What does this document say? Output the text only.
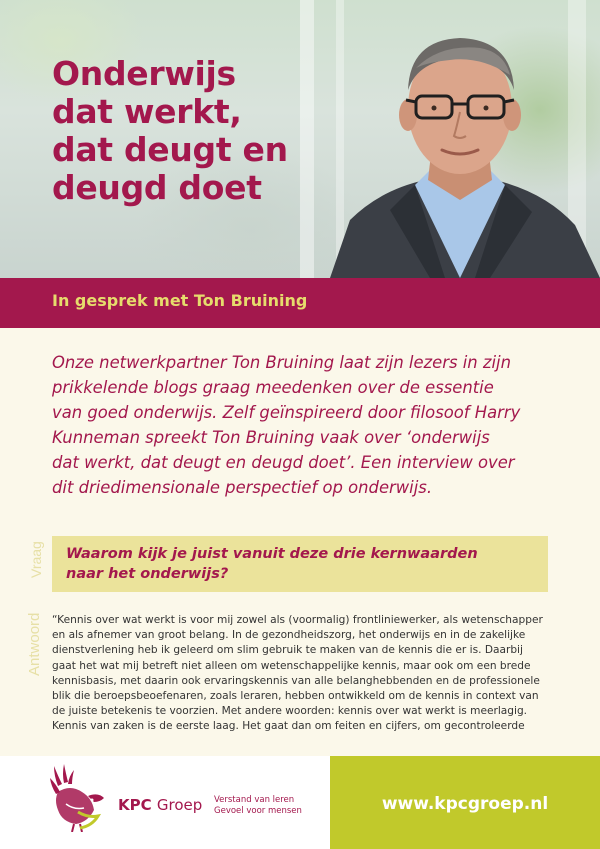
Onderwijs
dat werkt,
dat deugt en
deugd doet
In gesprek met Ton Bruining

Onze netwerkpartner Ton Bruining laat zijn lezers in zijn
prikkelende blogs graag meedenken over de essentie
van goed onderwijs. Zelf geïnspireerd door filosoof Harry
Kunneman spreekt Ton Bruining vaak over ‘onderwijs
dat werkt, dat deugt en deugd doet’. Een interview over
dit driedimensionale perspectief op onderwijs.

Vraag Waarom kijk je juist vanuit deze drie kernwaarden
naar het onderwijs?

Antwoord “Kennis over wat werkt is voor mij zowel als (voormalig) frontliniewerker, als wetenschapper
en als afnemer van groot belang. In de gezondheidszorg, het onderwijs en in de zakelijke
dienstverlening heb ik geleerd om slim gebruik te maken van de kennis die er is. Daarbij
gaat het wat mij betreft niet alleen om wetenschappelijke kennis, maar ook om een brede
kennisbasis, met daarin ook ervaringskennis van alle belanghebbenden en de professionele
blik die beroepsbeoefenaren, zoals leraren, hebben ontwikkeld om de kennis in context van
de juiste betekenis te voorzien. Met andere woorden: kennis over wat werkt is meerlagig.
Kennis van zaken is de eerste laag. Het gaat dan om feiten en cijfers, om gecontroleerde

KPC Groep Verstand van leren
Gevoel voor mensen	www.kpcgroep.nl
